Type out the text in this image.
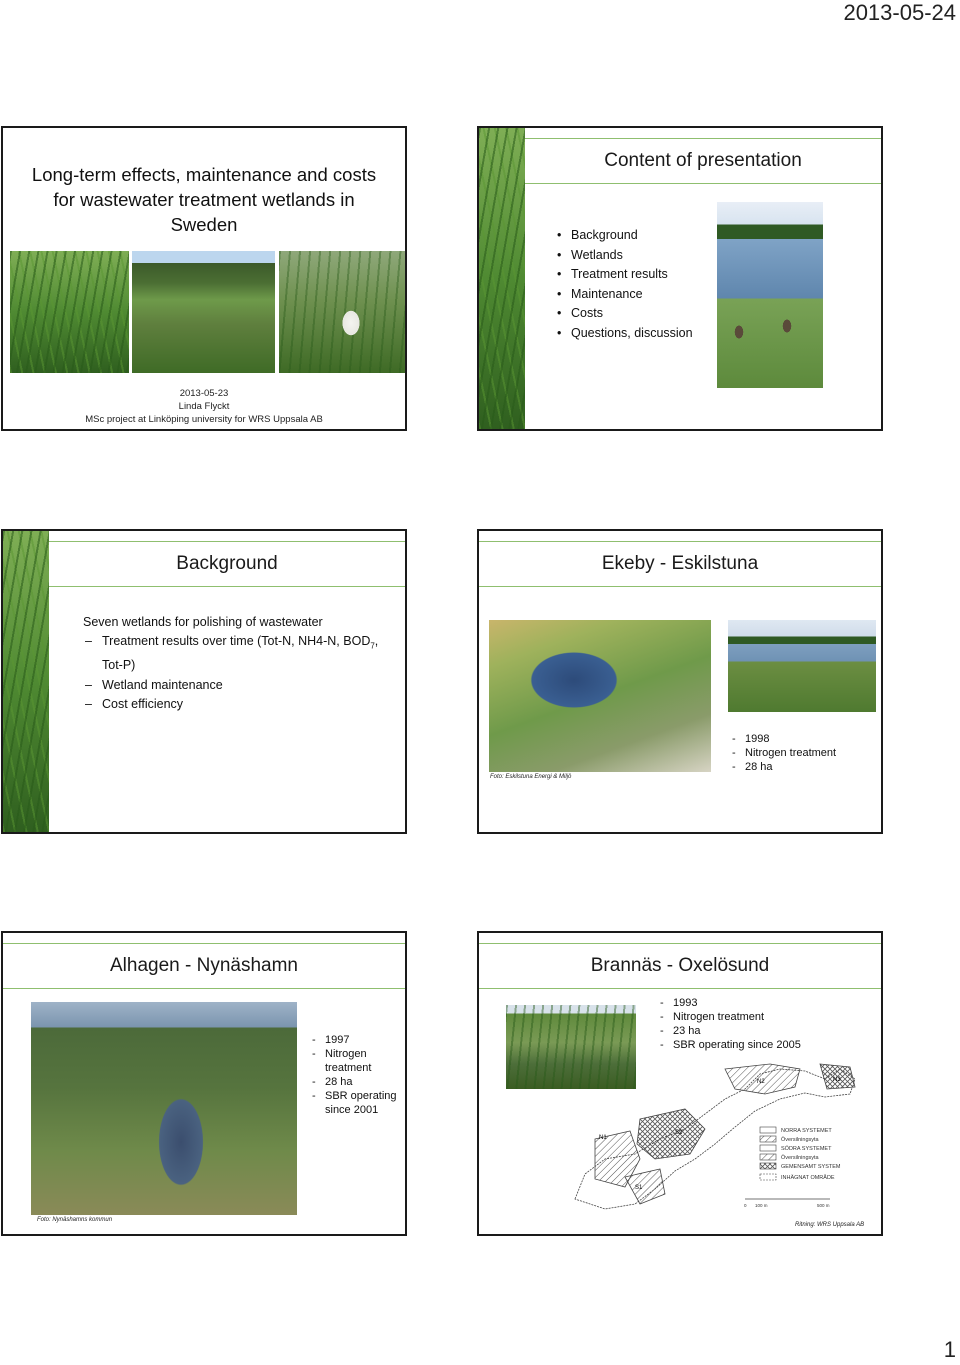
2013-05-24
Long-term effects, maintenance and costs for wastewater treatment wetlands in Sweden
2013-05-23
Linda Flyckt
MSc project at Linköping university for WRS Uppsala AB
Content of presentation
• Background
• Wetlands
• Treatment results
• Maintenance
• Costs
• Questions, discussion
Background
Seven wetlands for polishing of wastewater
– Treatment results over time (Tot-N, NH4-N, $BOD_7$, Tot-P)
– Wetland maintenance
– Cost efficiency
Ekeby - Eskilstuna
Foto: Eskilstuna Energi & Miljö
- 1998
- Nitrogen treatment
- 28 ha
Alhagen - Nynäshamn
Foto: Nynäshamns kommun
- 1997
- Nitrogen treatment
- 28 ha
- SBR operating since 2001
Brannäs - Oxelösund
- 1993
- Nitrogen treatment
- 23 ha
- SBR operating since 2005
N2	N3
N1
S2
S1
NORRA SYSTEMET
Översilningsyta
SÖDRA SYSTEMET
Översilningsyta
GEMENSAMT SYSTEM
INHÄGNAT OMRÅDE
0 100 m	500 m
Ritning: WRS Uppsala AB
1
